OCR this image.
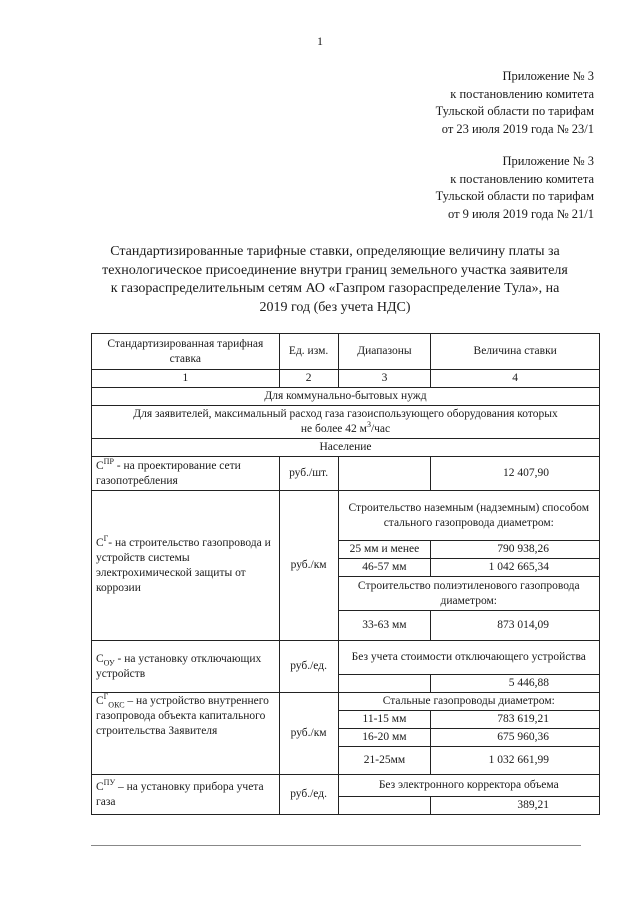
1
Приложение № 3
к постановлению комитета
Тульской области по тарифам
от 23 июля 2019 года № 23/1
Приложение № 3
к постановлению комитета
Тульской области по тарифам
от 9 июля 2019 года № 21/1
Стандартизированные тарифные ставки, определяющие величину платы за
технологическое присоединение внутри границ земельного участка заявителя
к газораспределительным сетям АО «Газпром газораспределение Тула», на
2019 год (без учета НДС)
Стандартизированная тарифная ставка	Ед. изм.	Диапазоны	Величина ставки
1	2	3	4
Для коммунально-бытовых нужд			
Для заявителей, максимальный расход газа газоиспользующего оборудования которых
не более 42 $м^3$/час			
Население			
$С^{ПР}$ - на проектирование сети газопотребления	руб./шт.		12 407,90
$С^Г-$ на строительство газопровода и устройств системы электрохимической защиты от коррозии	руб./км	Строительство наземным (надземным) способом стального газопровода диаметром:	
		25 мм и менее	790 938,26
		46-57 мм	1 042 665,34
		Строительство полиэтиленового газопровода диаметром:	
		33-63 мм	873 014,09
$С_{ОУ}$ - на установку отключающих устройств	руб./ед.	Без учета стоимости отключающего устройства	
			5 446,88
$С^Г_{ОКС}$ – на устройство внутреннего газопровода объекта капитального строительства Заявителя	руб./км	Стальные газопроводы диаметром:	
		11-15 мм	783 619,21
		16-20 мм	675 960,36
		21-25мм	1 032 661,99
$С^{ПУ}$ – на установку прибора учета газа	руб./ед.	Без электронного корректора объема	
			389,21
